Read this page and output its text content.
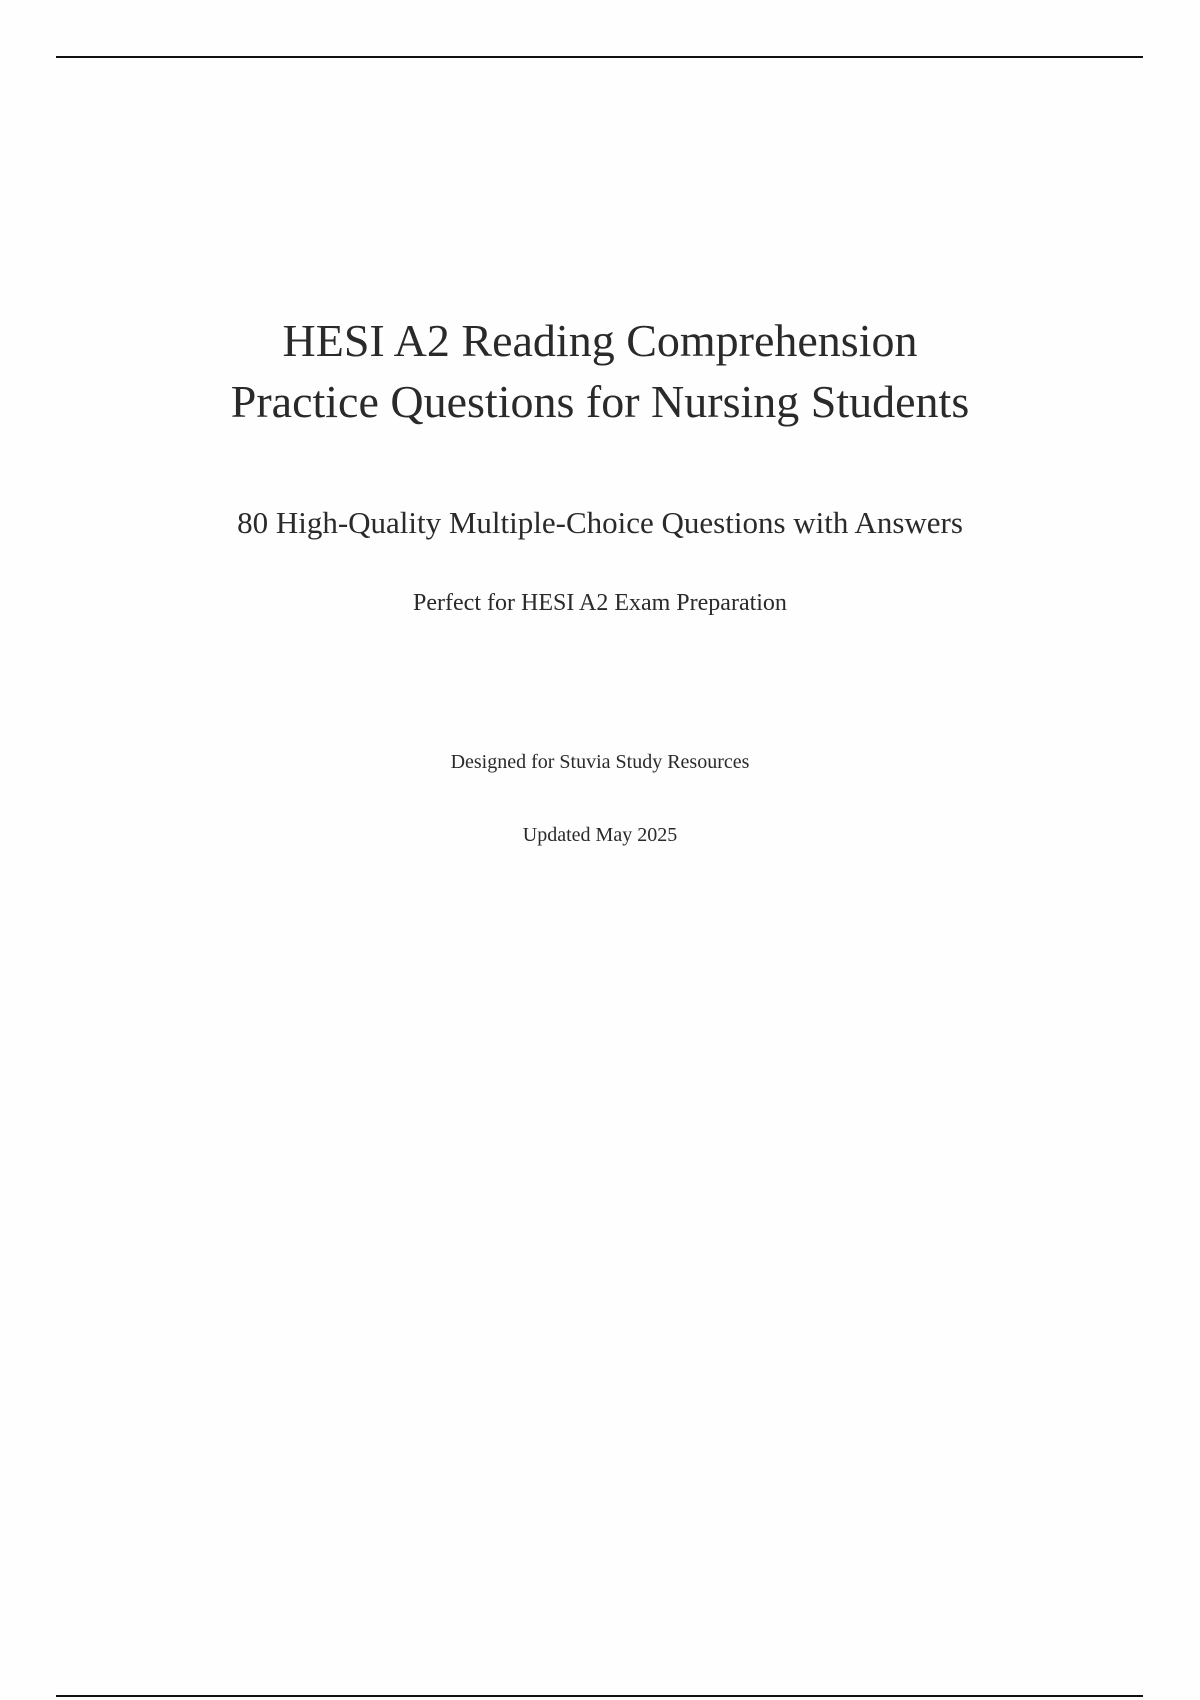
HESI A2 Reading Comprehension
Practice Questions for Nursing Students
80 High-Quality Multiple-Choice Questions with Answers
Perfect for HESI A2 Exam Preparation
Designed for Stuvia Study Resources
Updated May 2025
